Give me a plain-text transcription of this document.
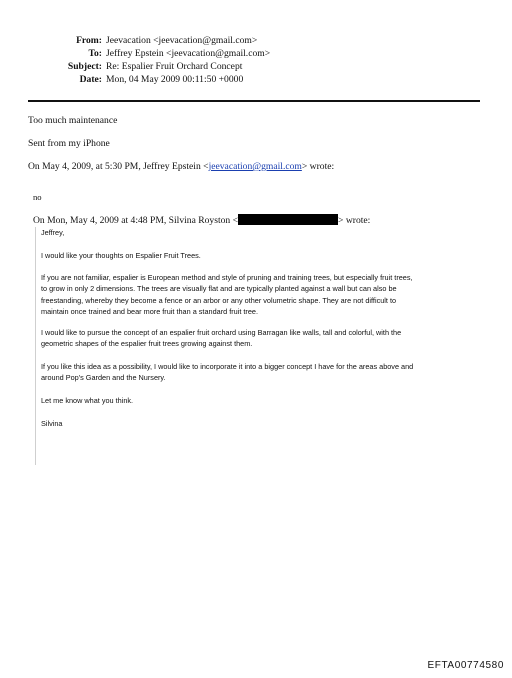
From: Jeevacation <jeevacation@gmail.com>
To: Jeffrey Epstein <jeevacation@gmail.com>
Subject: Re: Espalier Fruit Orchard Concept
Date: Mon, 04 May 2009 00:11:50 +0000
Too much maintenance
Sent from my iPhone
On May 4, 2009, at 5:30 PM, Jeffrey Epstein <jeevacation@gmail.com> wrote:
no
On Mon, May 4, 2009 at 4:48 PM, Silvina Royston <	> wrote:

Jeffrey,

I would like your thoughts on Espalier Fruit Trees.

If you are not familiar, espalier is European method and style of pruning and training trees, but especially fruit trees,

to grow in only 2 dimensions. The trees are visually flat and are typically planted against a wall but can also be

freestanding, whereby they become a fence or an arbor or any other volumetric shape. They are not difficult to

maintain once trained and bear more fruit than a standard fruit tree.

I would like to pursue the concept of an espalier fruit orchard using Barragan like walls, tall and colorful, with the

geometric shapes of the espalier fruit trees growing against them.

If you like this idea as a possibility, I would like to incorporate it into a bigger concept I have for the areas above and

around Pop's Garden and the Nursery.

Let me know what you think.

Silvina

EFTA00774580
